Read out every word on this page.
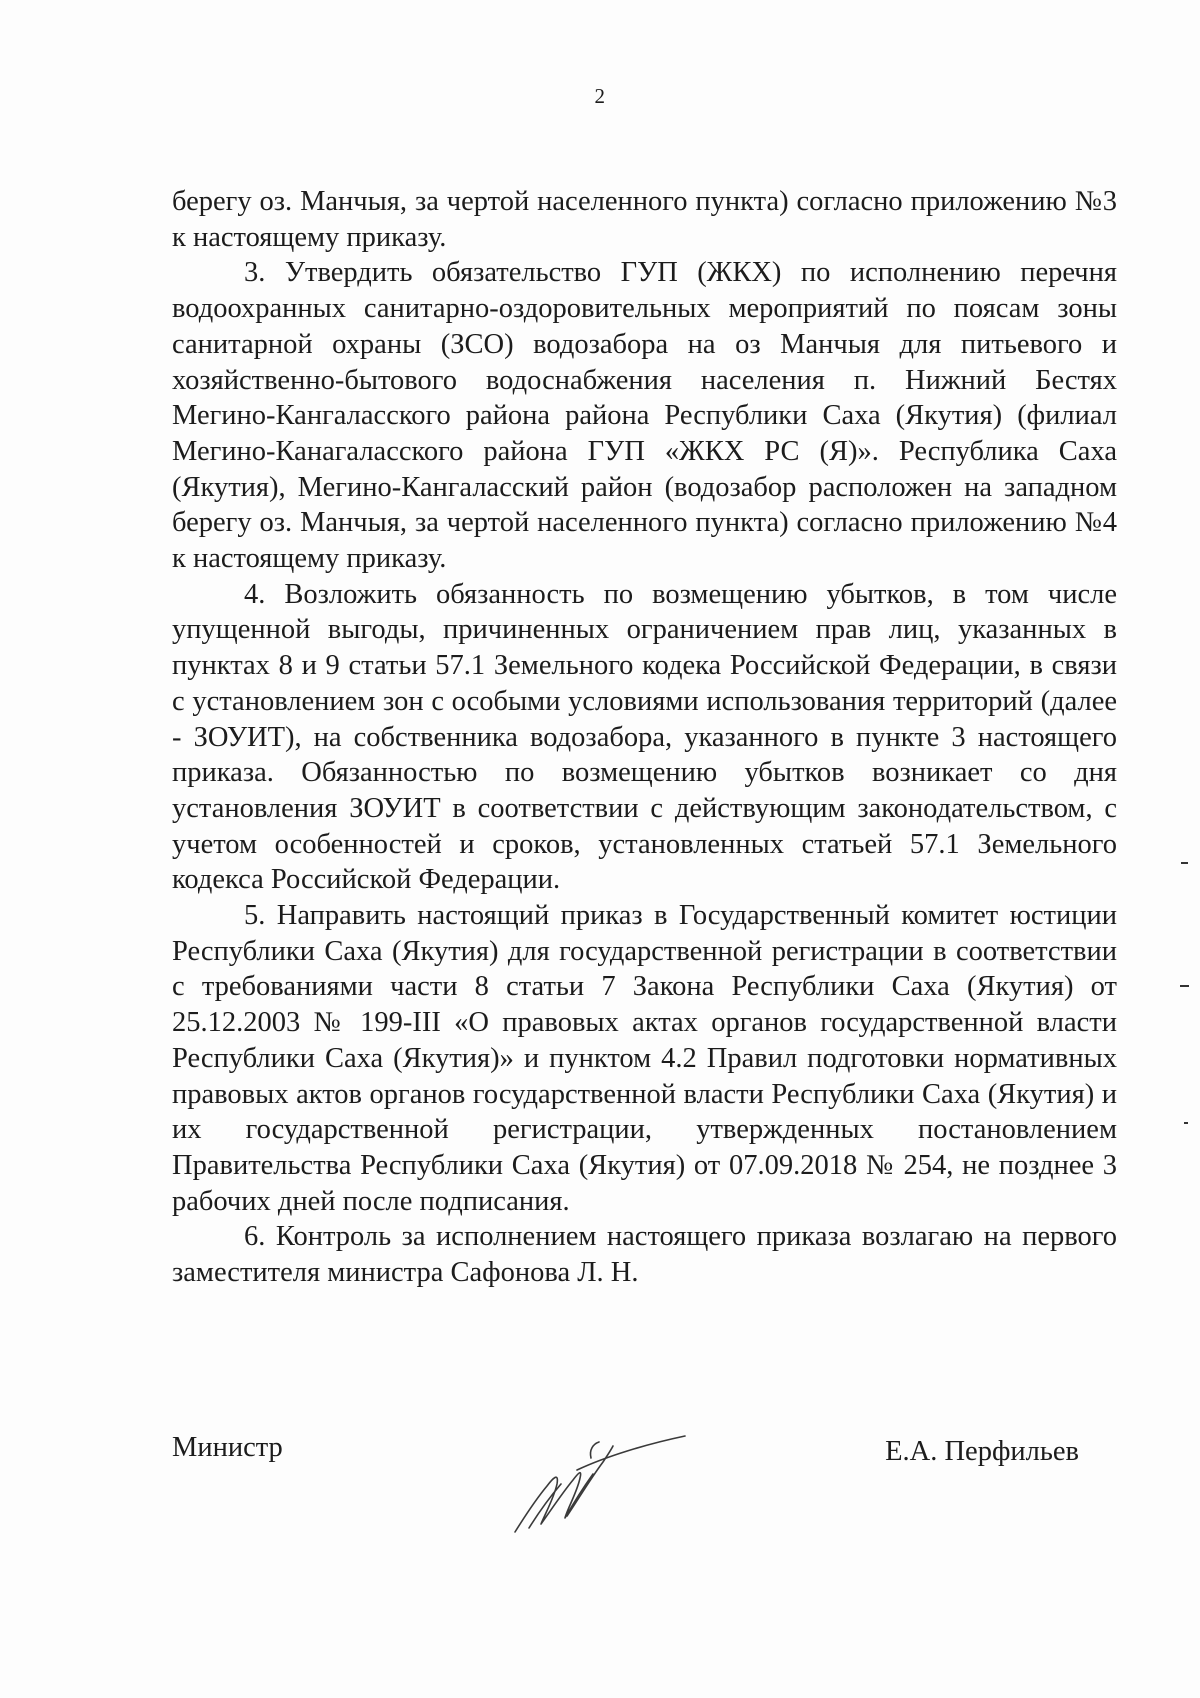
2

берегу оз. Манчыя, за чертой населенного пункта) согласно приложению №3 к настоящему приказу.

3. Утвердить обязательство ГУП (ЖКХ) по исполнению перечня водоохранных санитарно-оздоровительных мероприятий по поясам зоны санитарной охраны (ЗСО) водозабора на оз Манчыя для питьевого и хозяйственно-бытового водоснабжения населения п. Нижний Бестях Мегино-Кангаласского района района Республики Саха (Якутия) (филиал Мегино-Канагаласского района ГУП «ЖКХ РС (Я)». Республика Саха (Якутия), Мегино-Кангаласский район (водозабор расположен на западном берегу оз. Манчыя, за чертой населенного пункта) согласно приложению №4 к настоящему приказу.

4. Возложить обязанность по возмещению убытков, в том числе упущенной выгоды, причиненных ограничением прав лиц, указанных в пунктах 8 и 9 статьи 57.1 Земельного кодека Российской Федерации, в связи с установлением зон с особыми условиями использования территорий (далее - ЗОУИТ), на собственника водозабора, указанного в пункте 3 настоящего приказа. Обязанностью по возмещению убытков возникает со дня установления ЗОУИТ в соответствии с действующим законодательством, с учетом особенностей и сроков, установленных статьей 57.1 Земельного кодекса Российской Федерации.

5. Направить настоящий приказ в Государственный комитет юстиции Республики Саха (Якутия) для государственной регистрации в соответствии с требованиями части 8 статьи 7 Закона Республики Саха (Якутия) от 25.12.2003 № 199-III «О правовых актах органов государственной власти Республики Саха (Якутия)» и пунктом 4.2 Правил подготовки нормативных правовых актов органов государственной власти Республики Саха (Якутия) и их государственной регистрации, утвержденных постановлением Правительства Республики Саха (Якутия) от 07.09.2018 № 254, не позднее 3 рабочих дней после подписания.

6. Контроль за исполнением настоящего приказа возлагаю на первого заместителя министра Сафонова Л. Н.

Министр	Е.А. Перфильев
